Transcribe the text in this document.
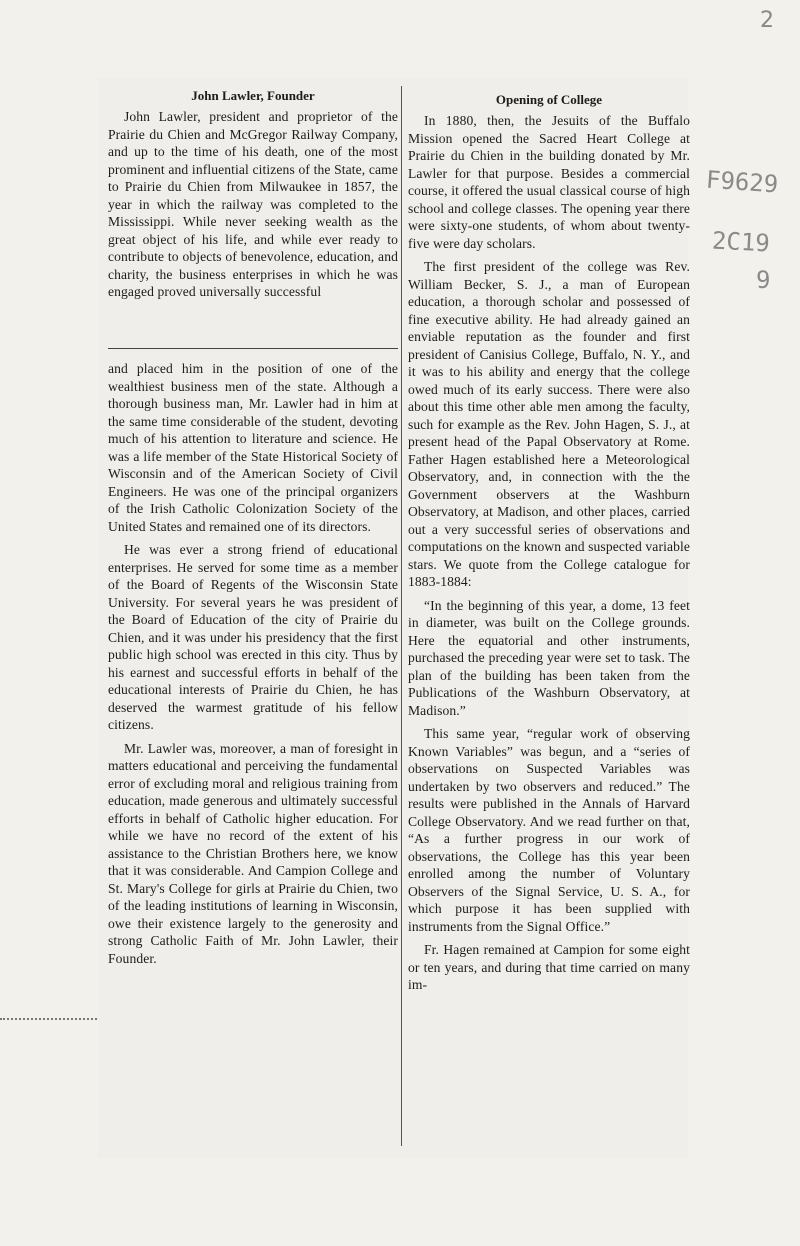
2
F9629
2C19
9
John Lawler, Founder

John Lawler, president and proprietor of the Prairie du Chien and McGregor Railway Company, and up to the time of his death, one of the most prominent and influential citizens of the State, came to Prairie du Chien from Milwaukee in 1857, the year in which the railway was completed to the Mississippi. While never seeking wealth as the great object of his life, and while ever ready to contribute to objects of benevolence, education, and charity, the business enterprises in which he was engaged proved universally successful

and placed him in the position of one of the wealthiest business men of the state. Although a thorough business man, Mr. Lawler had in him at the same time considerable of the student, devoting much of his attention to literature and science. He was a life member of the State Historical Society of Wisconsin and of the American Society of Civil Engineers. He was one of the principal organizers of the Irish Catholic Colonization Society of the United States and remained one of its directors.

He was ever a strong friend of educational enterprises. He served for some time as a member of the Board of Regents of the Wisconsin State University. For several years he was president of the Board of Education of the city of Prairie du Chien, and it was under his presidency that the first public high school was erected in this city. Thus by his earnest and successful efforts in behalf of the educational interests of Prairie du Chien, he has deserved the warmest gratitude of his fellow citizens.

Mr. Lawler was, moreover, a man of foresight in matters educational and perceiving the fundamental error of excluding moral and religious training from education, made generous and ultimately successful efforts in behalf of Catholic higher education. For while we have no record of the extent of his assistance to the Christian Brothers here, we know that it was considerable. And Campion College and St. Mary's College for girls at Prairie du Chien, two of the leading institutions of learning in Wisconsin, owe their existence largely to the generosity and strong Catholic Faith of Mr. John Lawler, their Founder.

Opening of College

In 1880, then, the Jesuits of the Buffalo Mission opened the Sacred Heart College at Prairie du Chien in the building donated by Mr. Lawler for that purpose. Besides a commercial course, it offered the usual classical course of high school and college classes. The opening year there were sixty-one students, of whom about twenty-five were day scholars.

The first president of the college was Rev. William Becker, S. J., a man of European education, a thorough scholar and possessed of fine executive ability. He had already gained an enviable reputation as the founder and first president of Canisius College, Buffalo, N. Y., and it was to his ability and energy that the college owed much of its early success. There were also about this time other able men among the faculty, such for example as the Rev. John Hagen, S. J., at present head of the Papal Observatory at Rome. Father Hagen established here a Meteorological Observatory, and, in connection with the the Government observers at the Washburn Observatory, at Madison, and other places, carried out a very successful series of observations and computations on the known and suspected variable stars. We quote from the College catalogue for 1883-1884:

“In the beginning of this year, a dome, 13 feet in diameter, was built on the College grounds. Here the equatorial and other instruments, purchased the preceding year were set to task. The plan of the building has been taken from the Publications of the Washburn Observatory, at Madison.”

This same year, “regular work of observing Known Variables” was begun, and a “series of observations on Suspected Variables was undertaken by two observers and reduced.” The results were published in the Annals of Harvard College Observatory. And we read further on that, “As a further progress in our work of observations, the College has this year been enrolled among the number of Voluntary Observers of the Signal Service, U. S. A., for which purpose it has been supplied with instruments from the Signal Office.”

Fr. Hagen remained at Campion for some eight or ten years, and during that time carried on many im-
